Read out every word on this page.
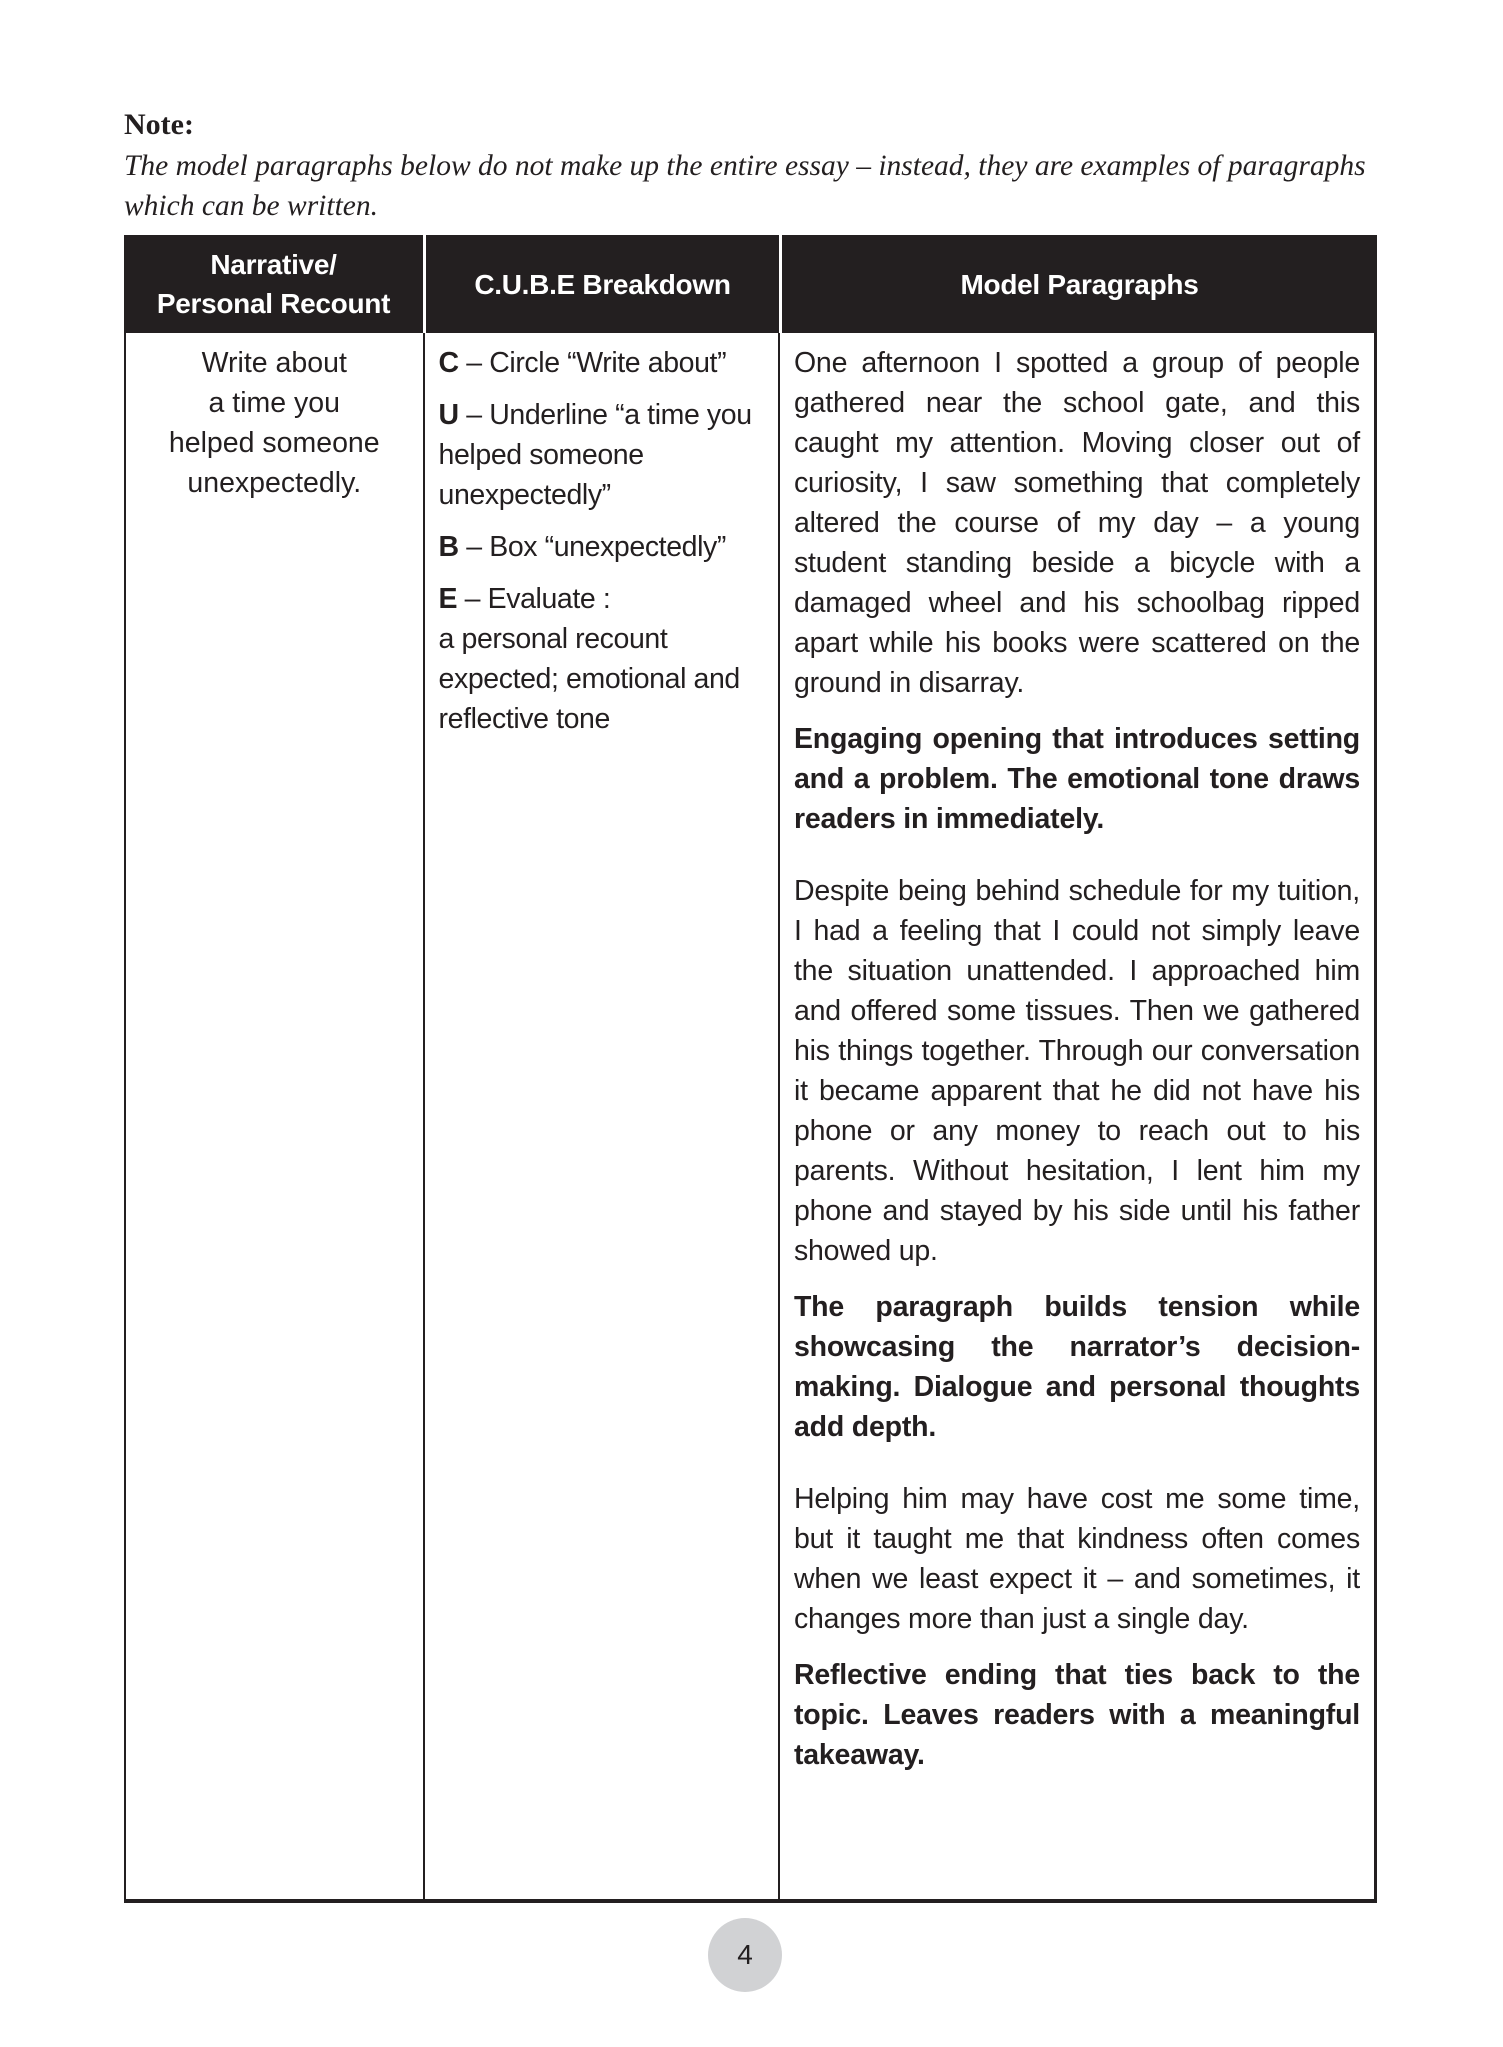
Note:
The model paragraphs below do not make up the entire essay – instead, they are examples of paragraphs which can be written.
Narrative/
Personal Recount
C.U.B.E Breakdown	Model Paragraphs
Write about
a time you
helped someone
unexpectedly.
C – Circle “Write about”
U – Underline “a time you helped someone unexpectedly”
B – Box “unexpectedly”
E – Evaluate :
a personal recount expected; emotional and reflective tone

One afternoon I spotted a group of people gathered near the school gate, and this caught my attention. Moving closer out of curiosity, I saw something that completely altered the course of my day – a young student standing beside a bicycle with a damaged wheel and his schoolbag ripped apart while his books were scattered on the ground in disarray.

Engaging opening that introduces setting and a problem. The emotional tone draws readers in immediately.

Despite being behind schedule for my tuition, I had a feeling that I could not simply leave the situation unattended. I approached him and offered some tissues. Then we gathered his things together. Through our conversation it became apparent that he did not have his phone or any money to reach out to his parents. Without hesitation, I lent him my phone and stayed by his side until his father showed up.

The paragraph builds tension while showcasing the narrator’s decision-making. Dialogue and personal thoughts add depth.

Helping him may have cost me some time, but it taught me that kindness often comes when we least expect it – and sometimes, it changes more than just a single day.

Reflective ending that ties back to the topic. Leaves readers with a meaningful takeaway.

4
